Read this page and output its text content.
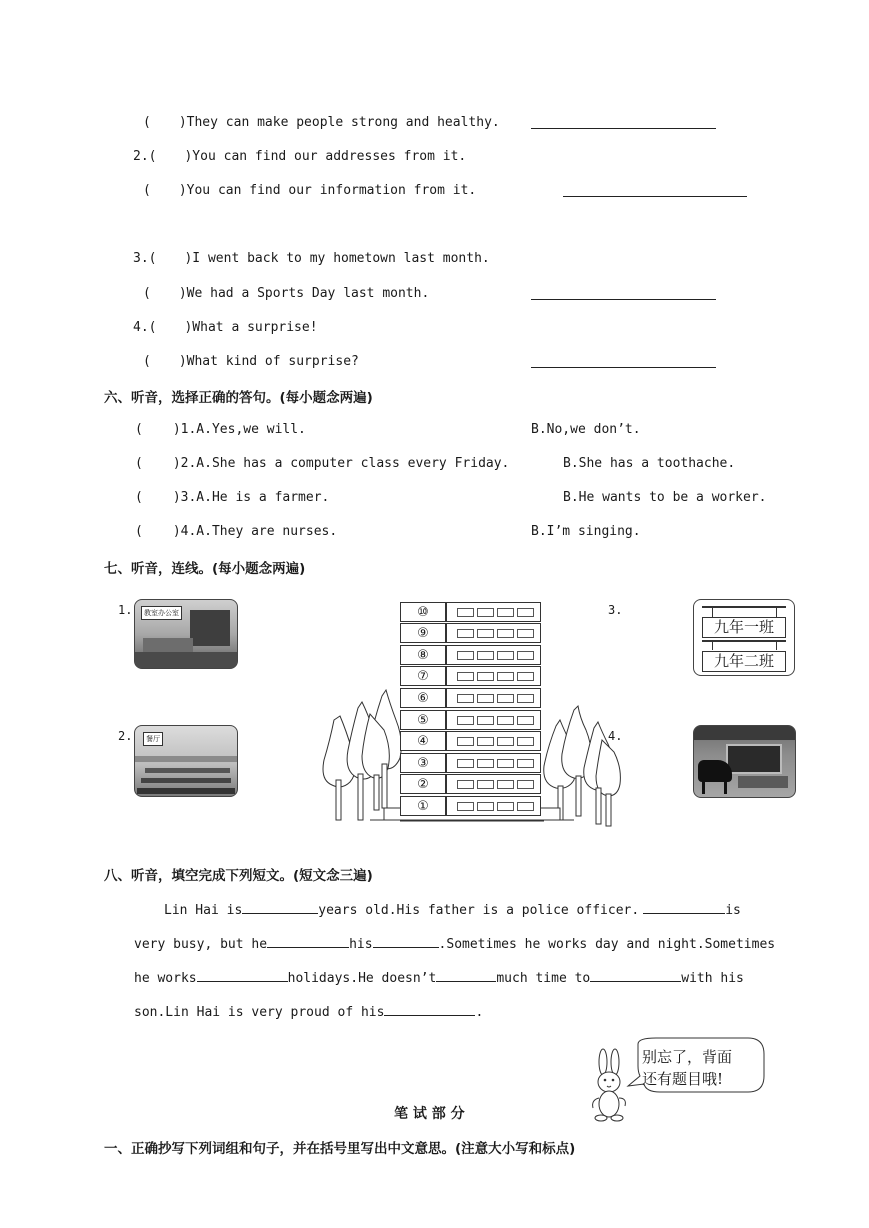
( )They can make people strong and healthy.
2.( )You can find our addresses from it.
( )You can find our information from it.
3.( )I went back to my hometown last month.
( )We had a Sports Day last month.
4.( )What a surprise!
( )What kind of surprise?
六、听音，选择正确的答句。(每小题念两遍)
( )1.A.Yes,we will.	B.No,we don’t.
( )2.A.She has a computer class every Friday.	B.She has a toothache.
( )3.A.He is a farmer.	B.He wants to be a worker.
( )4.A.They are nurses.	B.I’m singing.
七、听音，连线。(每小题念两遍)
1.
2.
3.
4.
教室办公室
餐厅
九年一班
九年二班
⑩
⑨
⑧
⑦
⑥
⑤
④
③
②
①
八、听音，填空完成下列短文。(短文念三遍)
Lin Hai is	years old.His father is a police officer.	is
very busy, but he	his	.Sometimes he works day and night.Sometimes
he works	holidays.He doesn’t	much time to	with his
son.Lin Hai is very proud of his	.
别忘了，背面
还有题目哦!
笔 试 部 分
一、正确抄写下列词组和句子，并在括号里写出中文意思。(注意大小写和标点)
